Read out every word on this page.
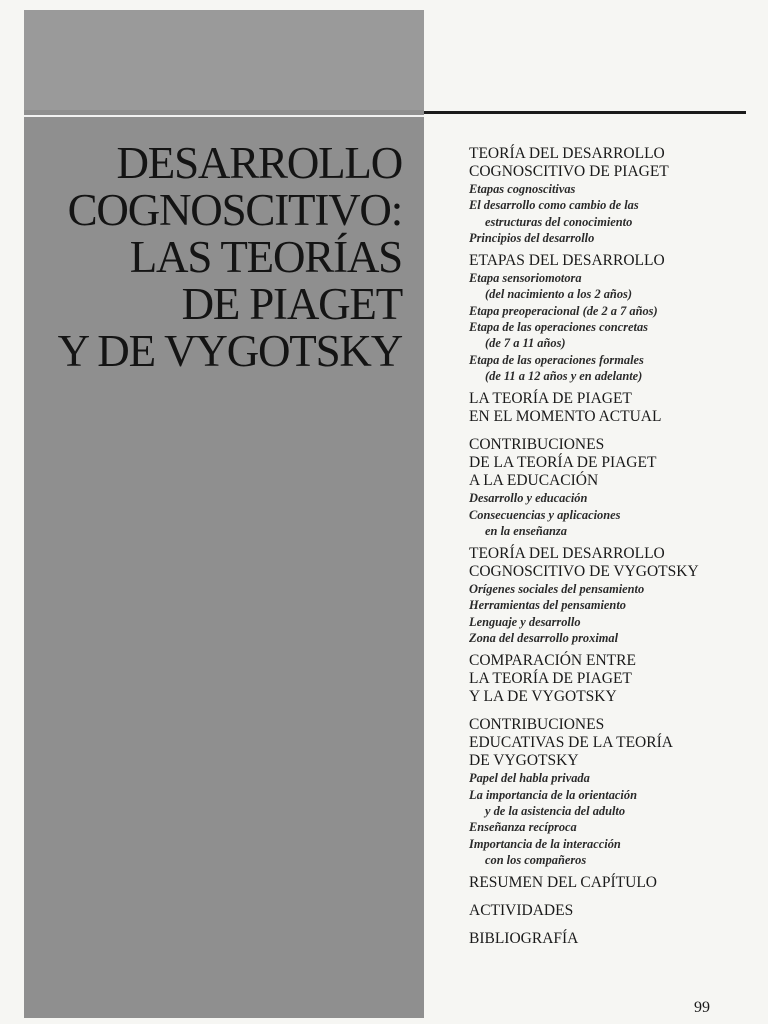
DESARROLLO
COGNOSCITIVO:
LAS TEORÍAS
DE PIAGET
Y DE VYGOTSKY
TEORÍA DEL DESARROLLO
COGNOSCITIVO DE PIAGET
Etapas cognoscitivas
El desarrollo como cambio de las
estructuras del conocimiento
Principios del desarrollo
ETAPAS DEL DESARROLLO
Etapa sensoriomotora
(del nacimiento a los 2 años)
Etapa preoperacional (de 2 a 7 años)
Etapa de las operaciones concretas
(de 7 a 11 años)
Etapa de las operaciones formales
(de 11 a 12 años y en adelante)
LA TEORÍA DE PIAGET
EN EL MOMENTO ACTUAL
CONTRIBUCIONES
DE LA TEORÍA DE PIAGET
A LA EDUCACIÓN
Desarrollo y educación
Consecuencias y aplicaciones
en la enseñanza
TEORÍA DEL DESARROLLO
COGNOSCITIVO DE VYGOTSKY
Orígenes sociales del pensamiento
Herramientas del pensamiento
Lenguaje y desarrollo
Zona del desarrollo proximal
COMPARACIÓN ENTRE
LA TEORÍA DE PIAGET
Y LA DE VYGOTSKY
CONTRIBUCIONES
EDUCATIVAS DE LA TEORÍA
DE VYGOTSKY
Papel del habla privada
La importancia de la orientación
y de la asistencia del adulto
Enseñanza recíproca
Importancia de la interacción
con los compañeros
RESUMEN DEL CAPÍTULO
ACTIVIDADES
BIBLIOGRAFÍA
99
